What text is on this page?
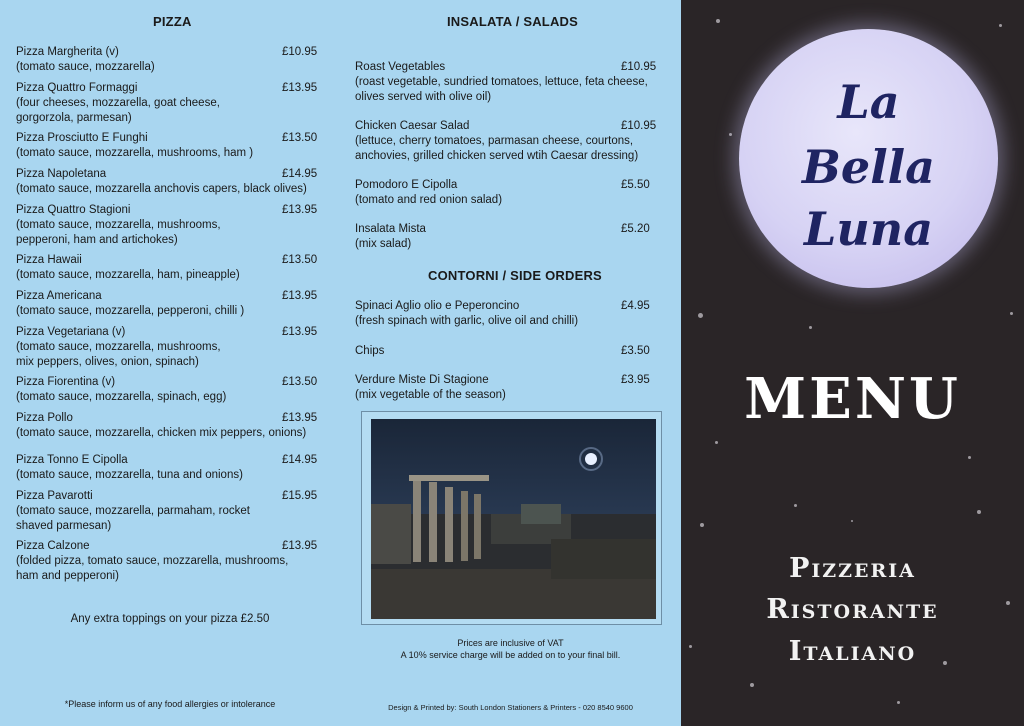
PIZZA
Pizza Margherita (v)	£10.95
(tomato sauce, mozzarella)
Pizza Quattro Formaggi	£13.95
(four cheeses, mozzarella, goat cheese,
gorgorzola, parmesan)
Pizza Prosciutto E Funghi	£13.50
(tomato sauce, mozzarella, mushrooms, ham )
Pizza Napoletana	£14.95
(tomato sauce, mozzarella anchovis capers, black olives)
Pizza Quattro Stagioni	£13.95
(tomato sauce, mozzarella, mushrooms,
pepperoni, ham and artichokes)
Pizza Hawaii	£13.50
(tomato sauce, mozzarella, ham, pineapple)
Pizza Americana	£13.95
(tomato sauce, mozzarella, pepperoni, chilli )
Pizza Vegetariana (v)	£13.95
(tomato sauce, mozzarella, mushrooms,
mix peppers, olives, onion, spinach)
Pizza Fiorentina (v)	£13.50
(tomato sauce, mozzarella, spinach, egg)
Pizza Pollo	£13.95
(tomato sauce, mozzarella, chicken mix peppers, onions)
Pizza Tonno E Cipolla	£14.95
(tomato sauce, mozzarella, tuna and onions)
Pizza Pavarotti	£15.95
(tomato sauce, mozzarella, parmaham, rocket
shaved parmesan)
Pizza Calzone	£13.95
(folded pizza, tomato sauce, mozzarella, mushrooms,
ham and pepperoni)
Any extra toppings on your pizza £2.50
*Please inform us of any food allergies or intolerance
INSALATA / SALADS
Roast Vegetables	£10.95
(roast vegetable, sundried tomatoes, lettuce, feta cheese,
olives served with olive oil)
Chicken Caesar Salad	£10.95
(lettuce, cherry tomatoes, parmasan cheese, courtons,
anchovies, grilled chicken served wtih Caesar dressing)
Pomodoro E Cipolla	£5.50
(tomato and red onion salad)
Insalata Mista	£5.20
(mix salad)
CONTORNI / SIDE ORDERS
Spinaci Aglio olio e Peperoncino	£4.95
(fresh spinach with garlic, olive oil and chilli)
Chips	£3.50
Verdure Miste Di Stagione	£3.95
(mix vegetable of the season)
Prices are inclusive of VAT
A 10% service charge will be added on to your final bill.
Design & Printed by: South London Stationers & Printers - 020 8540 9600
La
Bella
Luna
MENU
Pizzeria
Ristorante
Italiano
